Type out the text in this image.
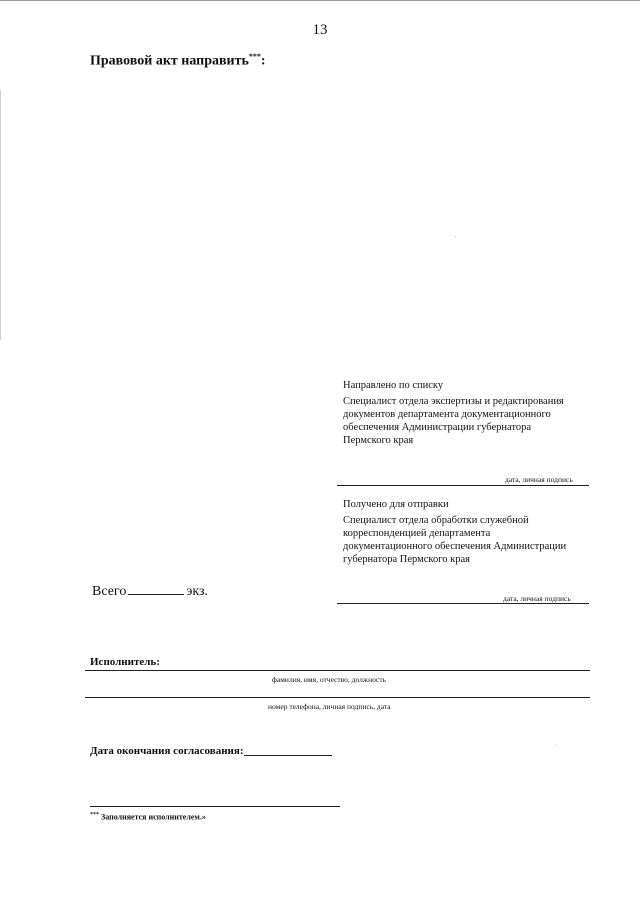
13
Правовой акт направить***:
Направлено по списку
Специалист отдела экспертизы и редактирования
документов департамента документационного
обеспечения Администрации губернатора
Пермского края
дата, личная подпись
Получено для отправки
Специалист отдела обработки служебной
корреспонденцией департамента
документационного обеспечения Администрации
губернатора Пермского края
дата, личная подпись
Всего	экз.
Исполнитель:
фамилия, имя, отчество, должность
номер телефона, личная подпись, дата
Дата окончания согласования:
*** Заполняется исполнителем.»
